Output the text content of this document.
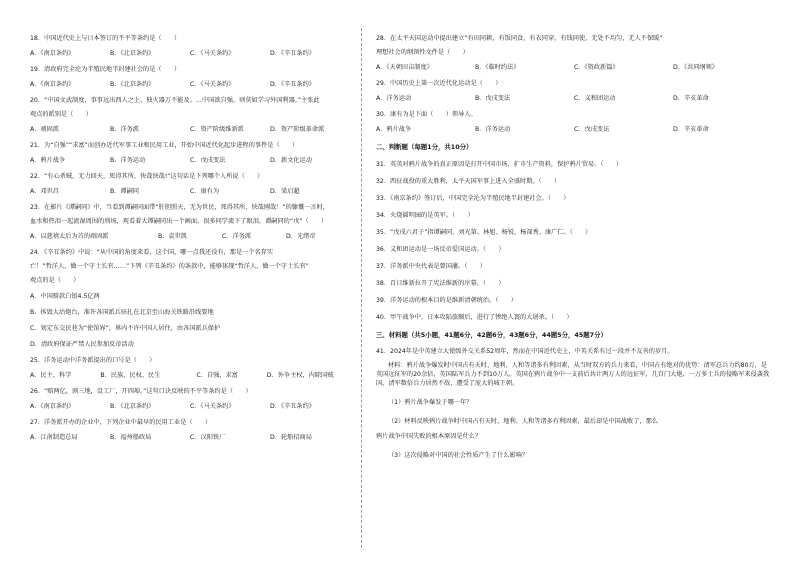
18．中国近代史上与日本签订的不平等条约是（　　）

A．《南京条约》	B．《北京条约》	C．《马关条约》	D．《辛丑条约》

19．清政府完全沦为半殖民地半封建社会的是（　　）

A．《南京条约》	B．《北京条约》	C．《马关条约》	D．《辛丑条约》

20．“中国文武制度，事事远出西人之上，独火器万不能及。…中国欲自强，则莫如学习外国利器。”主张此

观点的派别是（　　）

A．顽固派	B．洋务派	C．资产阶级维新派	D．资产阶级革命派

21．为“自强”“求富”而创办近代军事工业和民用工业，开始中国近代化起步进程的事件是（　　）

A．鸦片战争	B．洋务运动	C．戊戌变法	D．新文化运动

22．“有心杀贼，无力回天，死得其所，快哉快哉!”这句话是下列哪个人所说（　　）

A．邓世昌	B．谭嗣同	C．康有为	D．梁启超

23．在影片《谭嗣同》中，当看到谭嗣同面带“肝胆照天，无为世民，死得其所，快哉刚哉！”的慷慨一言时，

血水和热泪一起流湿周围的刑场，观看着大谭嗣同出一个画面，很多同学流下了眼泪，谭嗣同的“戊”（　　）

A．以慈禧太后为首的顽固派	B．袁世凯	C．洋务派	D．光绪帝

24．《辛丑条约》中说：“从中国的角度来看，这个国，哪一点我还没有，那是一个名存实

亡！”哲洋人，做一个守土长官……”下列《辛丑条约》的条款中，能够体现“哲洋人，做一个守土长官”

观点的是（　　）

A．中国赔款白银4.5亿两

B．拆毁大沽炮台，准许各国派兵驻扎在北京至山海关铁路沿线要地

C．划定东交民巷为“使馆界”，界内不许中国人居住，由各国派兵保护

D．清政府保证严禁人民参加反帝活动

25．洋务运动中洋务派提出的口号是（　　）

A．民主、科学	B．民族、民权、民生	C．自强、求富	D．外争主权，内除国贼

26．“赔两亿，割三地，设工厂，开四埠。”这句口诀反映的不平等条约是（　　）

A．《南京条约》	B．《北京条约》	C．《马关条约》	D．《辛丑条约》

27．洋务派开办的企业中，下列企业中最早的民用工业是（　　）

A．江南制造总局	B．福州船政局	C．汉阳铁厂	D．轮船招商局

28．在太平天国运动中提出建立“有田同耕，有饭同食，有衣同穿，有钱同使，无处不均匀，无人不保暖”

理想社会的纲领性文件是（　　）

A．《天朝田亩制度》	B．《临时约法》	C．《资政新篇》	D．《共同纲领》

29．中国历史上第一次近代化运动是（　　）

A．洋务运动	B．戊戌变法	C．义和团运动	D．辛亥革命

30．康有为是下面（　　）领导人。

A．鸦片战争	B．洋务运动	C．戊戌变法	D．辛亥革命

二、判断题（每题1分，共10分）

31．英英对鸦片战争的真正原因是打开中国市场，扩市生产资料，保护鸦片贸易。（　　）

32．西征战役的重大胜利，太平天国军事上进入全盛时期。（　　）

33．《南京条约》签订后，中国完全沦为半殖民地半封建社会。（　　）

34．火烧圆明园的是英军。（　　）

35．“戊戌六君子”指谭嗣同、刘光第、林旭、杨锐、杨深秀、康广仁。（　　）

36．义和团运动是一场反帝爱国运动。（　　）

37．洋务派中央代表是曾国藩。（　　）

38．百日维新拉开了宪法维新的序幕。（　　）

39．洋务运动的根本目的是维新清朝统治。（　　）

40．甲午战争中，日本攻陷旅顺后，进行了惨绝人寰的大屠杀。（　　）

三、材料题（共5小题，41题6分，42题6分，43题6分，44题5分，45题7分）

41．2024年是中英建立大使级外交关系52周年，然而在中国近代史上，中英关系有过一段并不友善的岁月。

材料：鸦片战争爆发时中国占有天时、地利、人和等诸多有利因素，从当时双方的兵力来看，中国占有绝对的优势：清军总兵力约80万，是英国远征军的20余倍，英国陆军兵力不到10万人。英国在鸦片战争中一支前后共计两万人的远征军，几百门大炮、一万多士兵的侵略军来侵袭我国，清军数倍兵力居然不敌，遭受了庞大的城王朝。

（1）鸦片战争爆发于哪一年？

（2）材料反映鸦片战争时中国占有天时、地利、人和等诸多有利因素，最后却是中国战败了，那么

鸦片战争中国失败的根本原因是什么？

（3）这次侵略对中国的社会性质产生了什么影响？
